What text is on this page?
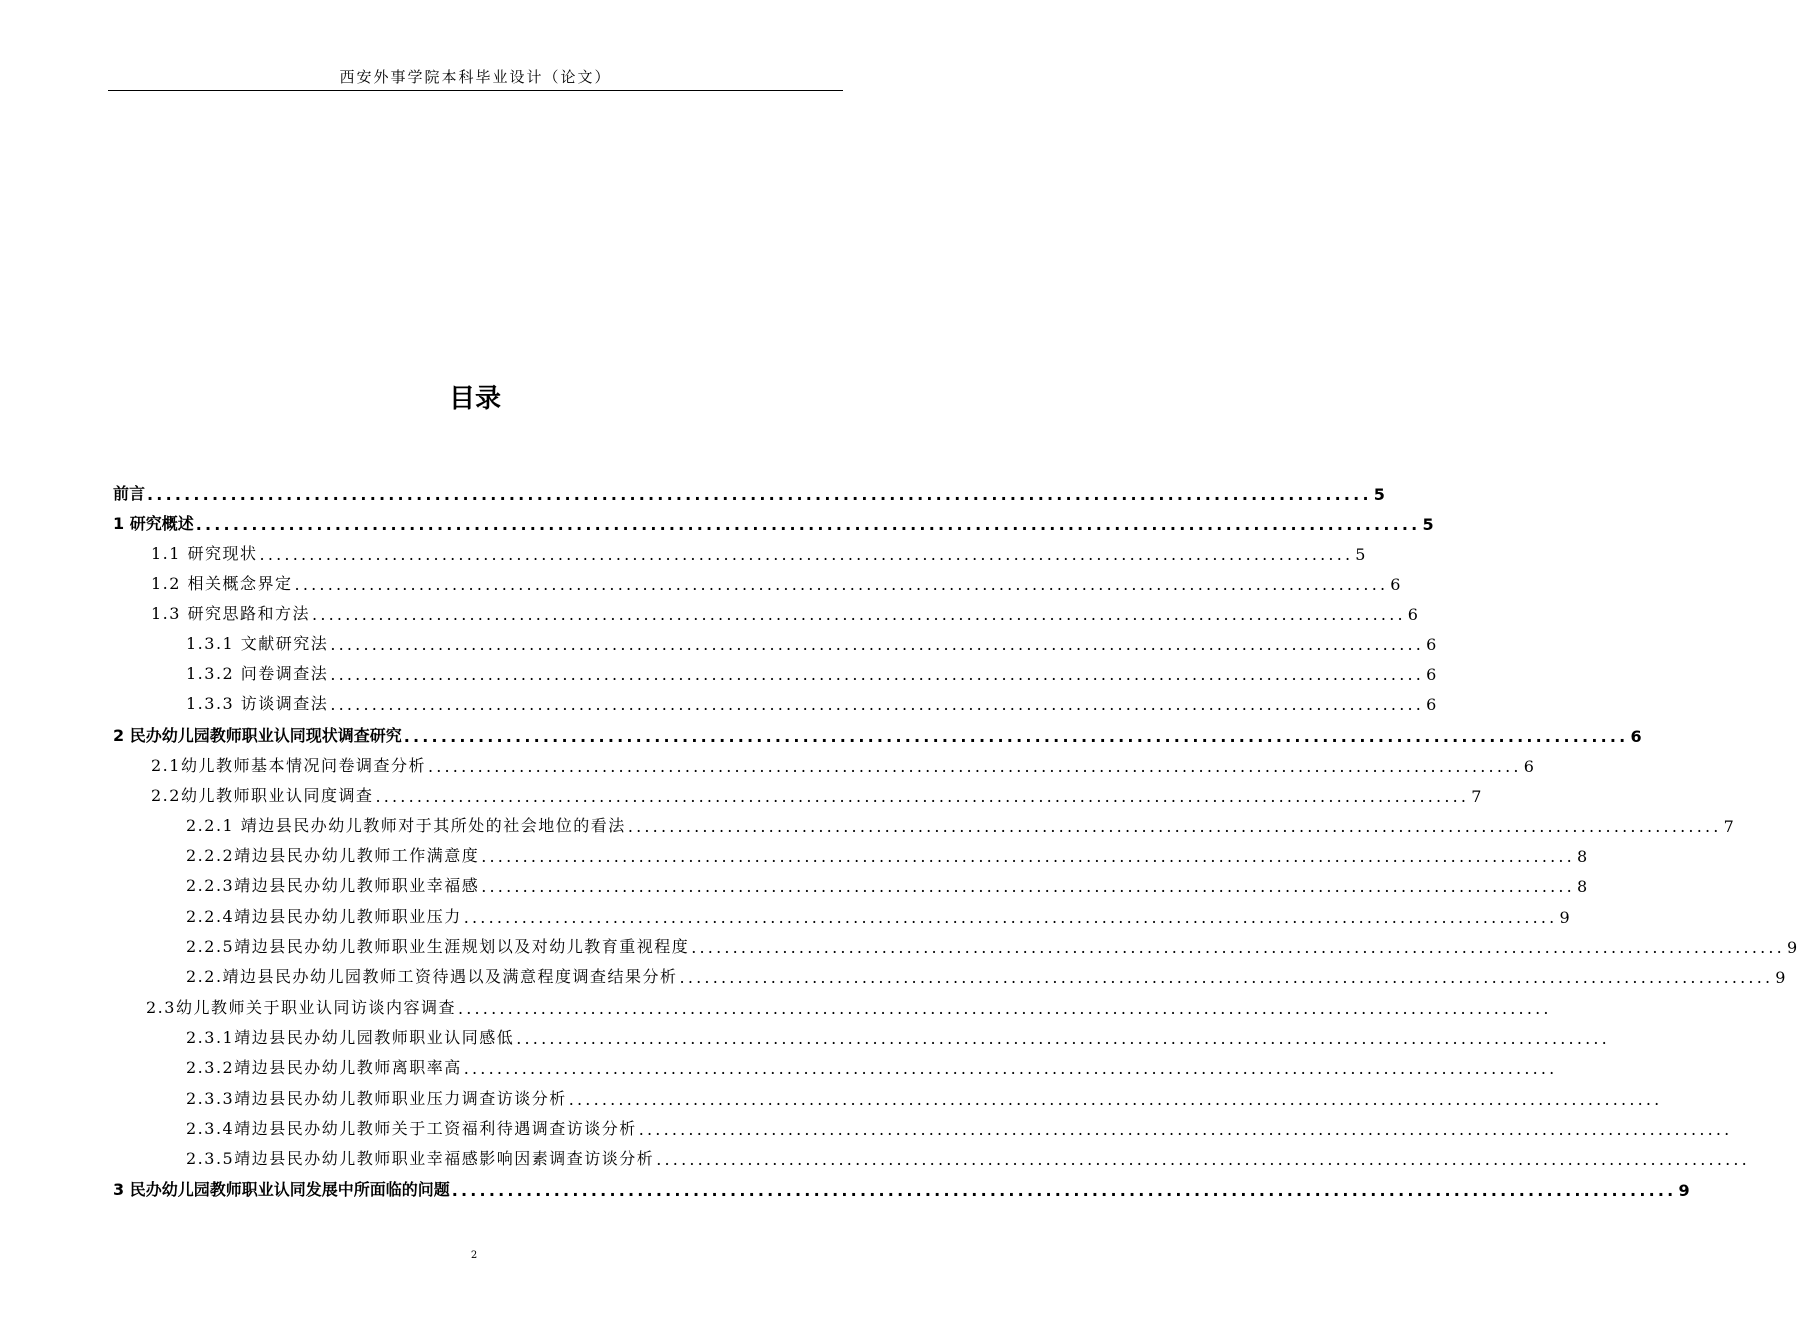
西安外事学院本科毕业设计（论文）
目录
前言 .................................................................................................................................... 5
1 研究概述 .................................................................................................................................... 5
1.1 研究现状 .................................................................................................................................... 5
1.2 相关概念界定 .................................................................................................................................... 6
1.3 研究思路和方法 .................................................................................................................................... 6
1.3.1 文献研究法 .................................................................................................................................... 6
1.3.2 问卷调查法 .................................................................................................................................... 6
1.3.3 访谈调查法 .................................................................................................................................... 6
2 民办幼儿园教师职业认同现状调查研究 .................................................................................................................................... 6
2.1幼儿教师基本情况问卷调查分析 .................................................................................................................................... 6
2.2幼儿教师职业认同度调查 .................................................................................................................................... 7
2.2.1 靖边县民办幼儿教师对于其所处的社会地位的看法 .................................................................................................................................... 7
2.2.2靖边县民办幼儿教师工作满意度 .................................................................................................................................... 8
2.2.3靖边县民办幼儿教师职业幸福感 .................................................................................................................................... 8
2.2.4靖边县民办幼儿教师职业压力 .................................................................................................................................... 9
2.2.5靖边县民办幼儿教师职业生涯规划以及对幼儿教育重视程度 .................................................................................................................................... 9
2.2.靖边县民办幼儿园教师工资待遇以及满意程度调查结果分析 .................................................................................................................................... 9
2.3幼儿教师关于职业认同访谈内容调查 ....................................................................................................................................
2.3.1靖边县民办幼儿园教师职业认同感低 ....................................................................................................................................
2.3.2靖边县民办幼儿教师离职率高 ....................................................................................................................................
2.3.3靖边县民办幼儿教师职业压力调查访谈分析 ....................................................................................................................................
2.3.4靖边县民办幼儿教师关于工资福利待遇调查访谈分析 ....................................................................................................................................
2.3.5靖边县民办幼儿教师职业幸福感影响因素调查访谈分析 ....................................................................................................................................
3 民办幼儿园教师职业认同发展中所面临的问题 .................................................................................................................................... 9
2
